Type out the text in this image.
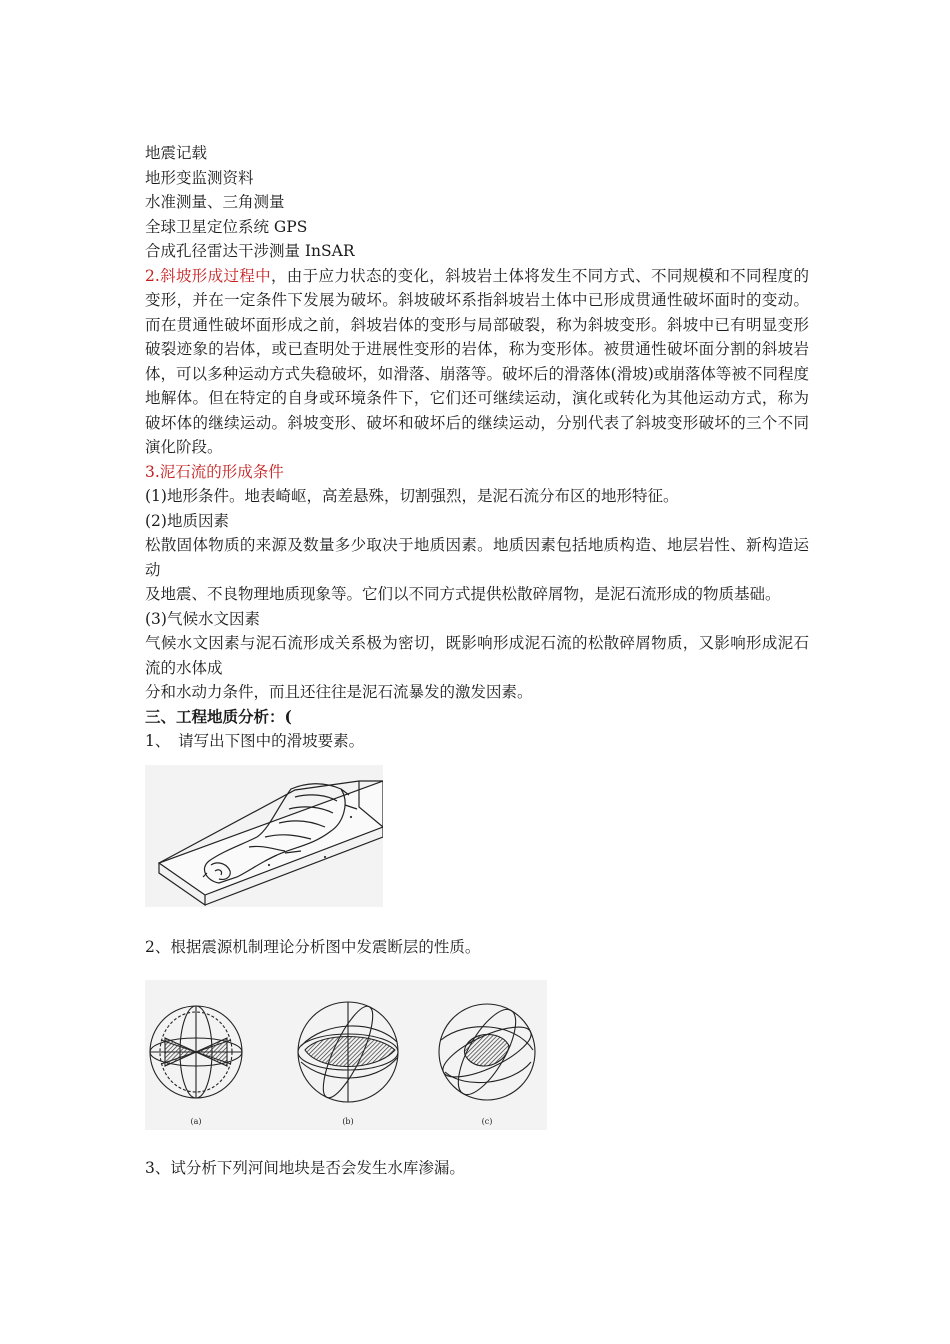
地震记载

地形变监测资料

水准测量、三角测量

全球卫星定位系统 GPS

合成孔径雷达干涉测量 InSAR

2.斜坡形成过程中，由于应力状态的变化，斜坡岩土体将发生不同方式、不同规模和不同程度的变形，并在一定条件下发展为破坏。斜坡破坏系指斜坡岩土体中已形成贯通性破坏面时的变动。 而在贯通性破坏面形成之前，斜坡岩体的变形与局部破裂，称为斜坡变形。斜坡中已有明显变形破裂迹象的岩体，或已查明处于进展性变形的岩体，称为变形体。被贯通性破坏面分割的斜坡岩体，可以多种运动方式失稳破坏，如滑落、崩落等。破坏后的滑落体(滑坡)或崩落体等被不同程度地解体。但在特定的自身或环境条件下，它们还可继续运动，演化或转化为其他运动方式，称为破坏体的继续运动。斜坡变形、破坏和破坏后的继续运动，分别代表了斜坡变形破坏的三个不同演化阶段。

3.泥石流的形成条件

(1)地形条件。地表崎岖，高差悬殊，切割强烈，是泥石流分布区的地形特征。

(2)地质因素

松散固体物质的来源及数量多少取决于地质因素。地质因素包括地质构造、地层岩性、新构造运动

及地震、不良物理地质现象等。它们以不同方式提供松散碎屑物，是泥石流形成的物质基础。

(3)气候水文因素

气候水文因素与泥石流形成关系极为密切，既影响形成泥石流的松散碎屑物质，又影响形成泥石流的水体成

分和水动力条件，而且还往往是泥石流暴发的激发因素。

三、工程地质分析：(

1、　请写出下图中的滑坡要素。

2、根据震源机制理论分析图中发震断层的性质。
(a)	(b)	(c)
3、试分析下列河间地块是否会发生水库渗漏。
